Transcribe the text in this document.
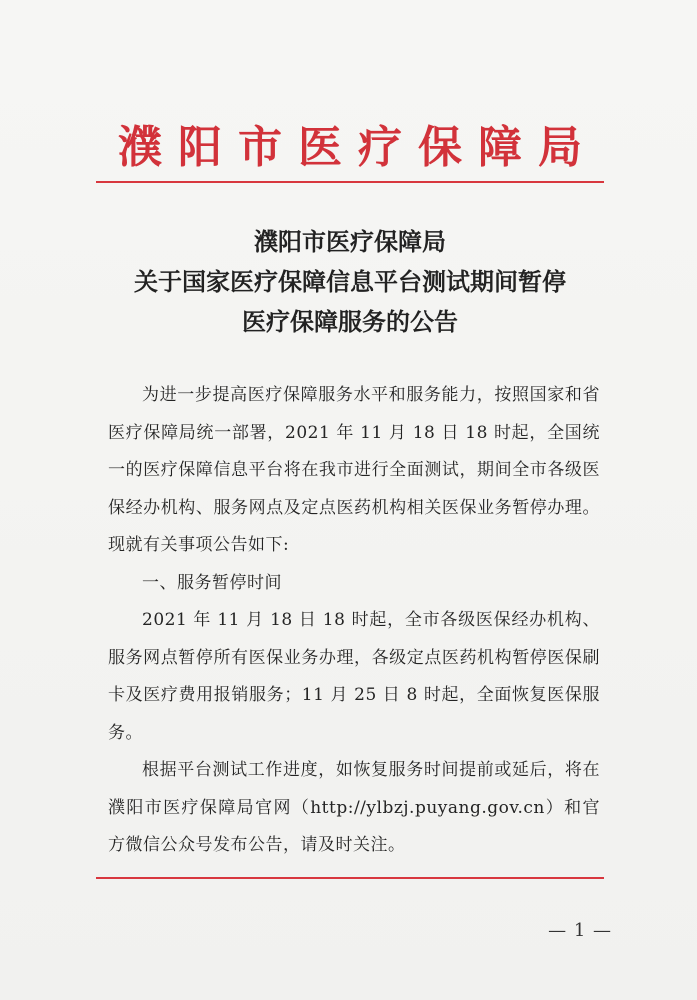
濮阳市医疗保障局
濮阳市医疗保障局
关于国家医疗保障信息平台测试期间暂停
医疗保障服务的公告

为进一步提高医疗保障服务水平和服务能力，按照国家和省医疗保障局统一部署，2021 年 11 月 18 日 18 时起，全国统一的医疗保障信息平台将在我市进行全面测试，期间全市各级医保经办机构、服务网点及定点医药机构相关医保业务暂停办理。现就有关事项公告如下:

一、服务暂停时间

2021 年 11 月 18 日 18 时起，全市各级医保经办机构、服务网点暂停所有医保业务办理，各级定点医药机构暂停医保刷卡及医疗费用报销服务；11 月 25 日 8 时起，全面恢复医保服务。

根据平台测试工作进度，如恢复服务时间提前或延后，将在濮阳市医疗保障局官网（http://ylbzj.puyang.gov.cn）和官方微信公众号发布公告，请及时关注。

— 1 —
